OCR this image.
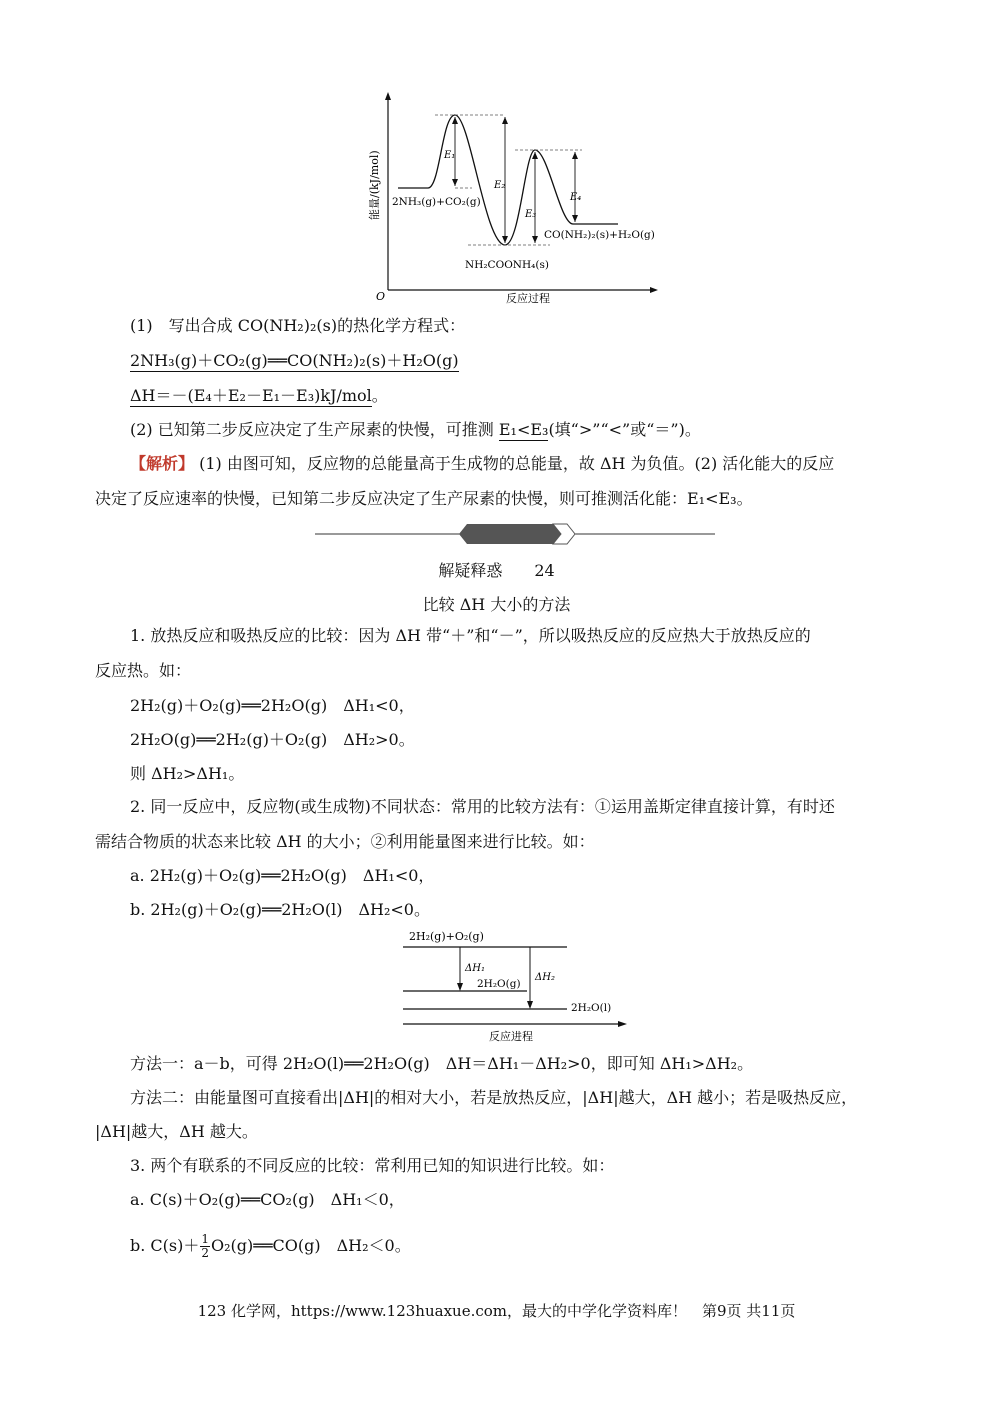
能量/(kJ/mol)
O	反应过程
E₁
E₂
E₃
E₄
2NH₃(g)+CO₂(g)
NH₂COONH₄(s)
CO(NH₂)₂(s)+H₂O(g)
(1)　写出合成 CO(NH₂)₂(s)的热化学方程式：
2NH₃(g)＋CO₂(g)══CO(NH₂)₂(s)＋H₂O(g)
ΔH＝－(E₄＋E₂－E₁－E₃)kJ/mol。
(2) 已知第二步反应决定了生产尿素的快慢，可推测 E₁<E₃(填“>”“<”或“＝”)。
【解析】 (1) 由图可知，反应物的总能量高于生成物的总能量，故 ΔH 为负值。(2) 活化能大的反应
决定了反应速率的快慢，已知第二步反应决定了生产尿素的快慢，则可推测活化能：E₁<E₃。
解疑释惑　　24
比较 ΔH 大小的方法
1. 放热反应和吸热反应的比较：因为 ΔH 带“＋”和“－”，所以吸热反应的反应热大于放热反应的
反应热。如：
2H₂(g)＋O₂(g)══2H₂O(g)　ΔH₁<0，
2H₂O(g)══2H₂(g)＋O₂(g)　ΔH₂>0。
则 ΔH₂>ΔH₁。
2. 同一反应中，反应物(或生成物)不同状态：常用的比较方法有：①运用盖斯定律直接计算，有时还
需结合物质的状态来比较 ΔH 的大小；②利用能量图来进行比较。如：
a. 2H₂(g)＋O₂(g)══2H₂O(g)　ΔH₁<0，
b. 2H₂(g)＋O₂(g)══2H₂O(l)　ΔH₂<0。
2H₂(g)+O₂(g)
ΔH₁
2H₂O(g)
ΔH₂
2H₂O(l)
反应进程
方法一：a－b，可得 2H₂O(l)══2H₂O(g)　ΔH＝ΔH₁－ΔH₂>0，即可知 ΔH₁>ΔH₂。
方法二：由能量图可直接看出|ΔH|的相对大小，若是放热反应，|ΔH|越大，ΔH 越小；若是吸热反应，
|ΔH|越大，ΔH 越大。
3. 两个有联系的不同反应的比较：常利用已知的知识进行比较。如：
a. C(s)＋O₂(g)══CO₂(g)　ΔH₁＜0，
b. C(s)＋ 1
2 O₂(g)══CO(g)　ΔH₂＜0。
123 化学网，https://www.123huaxue.com，最大的中学化学资料库！　第9页 共11页
